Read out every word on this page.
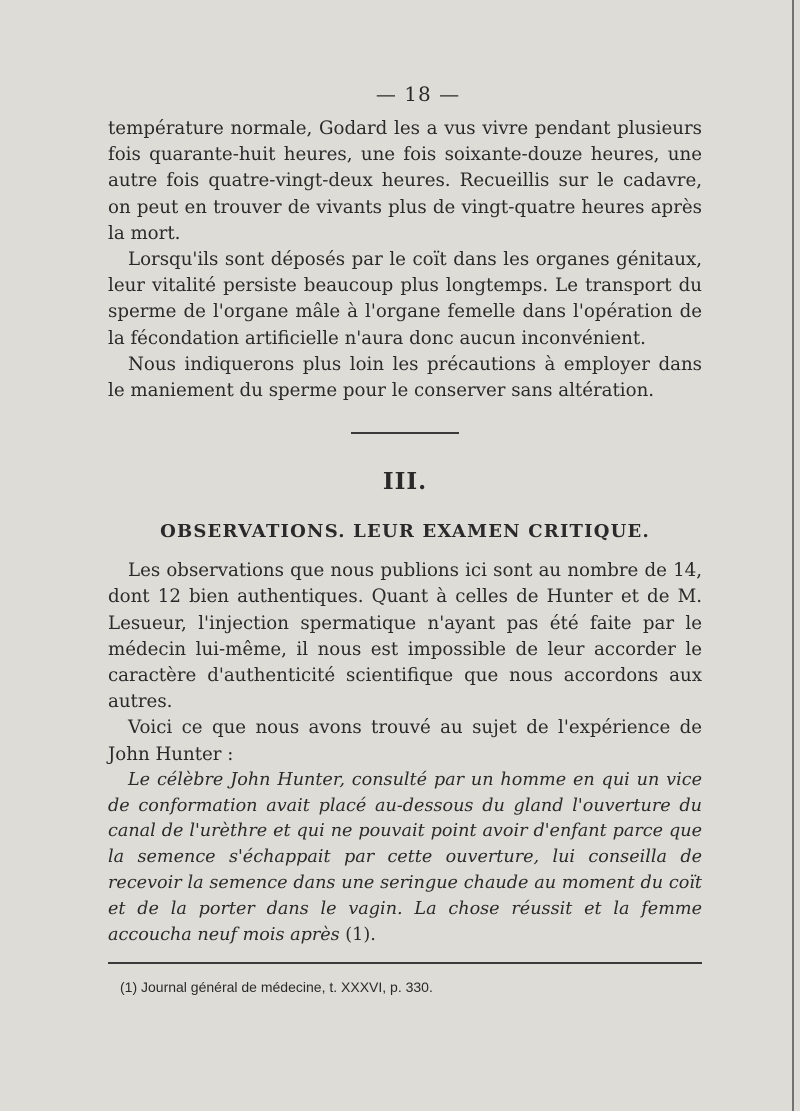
— 18 —

température normale, Godard les a vus vivre pendant plusieurs fois quarante-huit heures, une fois soixante-douze heures, une autre fois quatre-vingt-deux heures. Recueillis sur le cadavre, on peut en trouver de vivants plus de vingt-quatre heures après la mort.

Lorsqu'ils sont déposés par le coït dans les organes génitaux, leur vitalité persiste beaucoup plus longtemps. Le transport du sperme de l'organe mâle à l'organe femelle dans l'opération de la fécondation artificielle n'aura donc aucun inconvénient.

Nous indiquerons plus loin les précautions à employer dans le maniement du sperme pour le conserver sans altération.

III.

OBSERVATIONS. LEUR EXAMEN CRITIQUE.

Les observations que nous publions ici sont au nombre de 14, dont 12 bien authentiques. Quant à celles de Hunter et de M. Lesueur, l'injection spermatique n'ayant pas été faite par le médecin lui-même, il nous est impossible de leur accorder le caractère d'authenticité scientifique que nous accordons aux autres.

Voici ce que nous avons trouvé au sujet de l'expérience de John Hunter :

Le célèbre John Hunter, consulté par un homme en qui un vice de conformation avait placé au-dessous du gland l'ouverture du canal de l'urèthre et qui ne pouvait point avoir d'enfant parce que la semence s'échappait par cette ouverture, lui conseilla de recevoir la semence dans une seringue chaude au moment du coït et de la porter dans le vagin. La chose réussit et la femme accoucha neuf mois après (1).

(1) Journal général de médecine, t. XXXVI, p. 330.
